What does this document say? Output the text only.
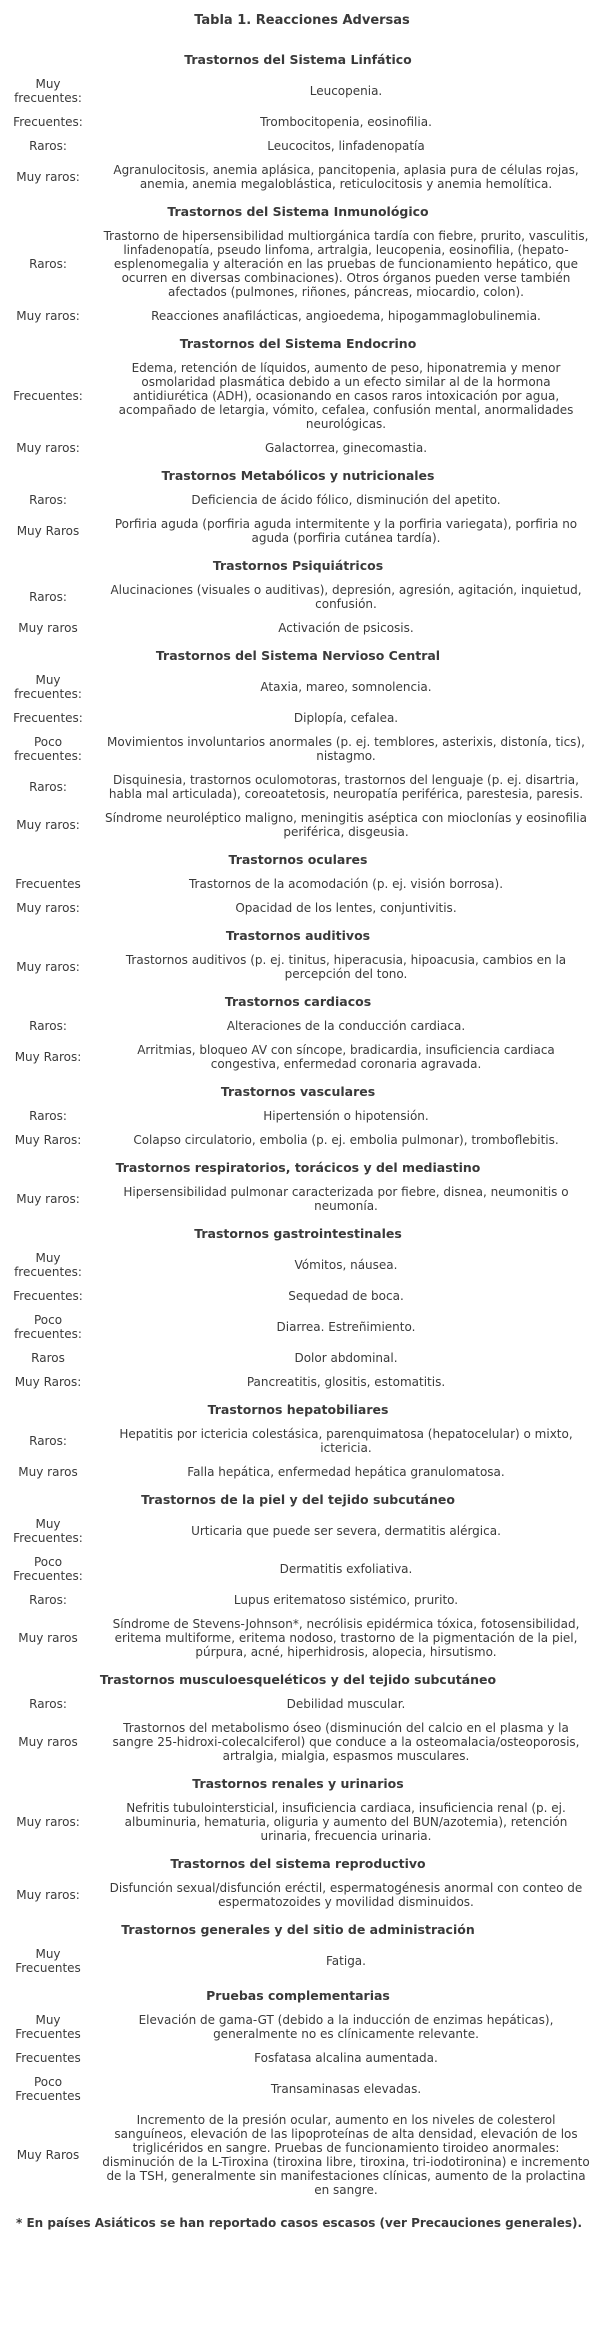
Tabla 1. Reacciones Adversas
Trastornos del Sistema Linfático	
Muy frecuentes:	Leucopenia.
Frecuentes:	Trombocitopenia, eosinofilia.
Raros:	Leucocitos, linfadenopatía
Muy raros:	Agranulocitosis, anemia aplásica, pancitopenia, aplasia pura de células rojas, anemia, anemia megaloblástica, reticulocitosis y anemia hemolítica.
Trastornos del Sistema Inmunológico	
Raros:	Trastorno de hipersensibilidad multiorgánica tardía con fiebre, prurito, vasculitis, linfadenopatía, pseudo linfoma, artralgia, leucopenia, eosinofilia, (hepato-esplenomegalia y alteración en las pruebas de funcionamiento hepático, que ocurren en diversas combinaciones). Otros órganos pueden verse también afectados (pulmones, riñones, páncreas, miocardio, colon).
Muy raros:	Reacciones anafilácticas, angioedema, hipogammaglobulinemia.
Trastornos del Sistema Endocrino	
Frecuentes:	Edema, retención de líquidos, aumento de peso, hiponatremia y menor osmolaridad plasmática debido a un efecto similar al de la hormona antidiurética (ADH), ocasionando en casos raros intoxicación por agua, acompañado de letargia, vómito, cefalea, confusión mental, anormalidades neurológicas.
Muy raros:	Galactorrea, ginecomastia.
Trastornos Metabólicos y nutricionales	
Raros:	Deficiencia de ácido fólico, disminución del apetito.
Muy Raros	Porfiria aguda (porfiria aguda intermitente y la porfiria variegata), porfiria no aguda (porfiria cutánea tardía).
Trastornos Psiquiátricos	
Raros:	Alucinaciones (visuales o auditivas), depresión, agresión, agitación, inquietud, confusión.
Muy raros	Activación de psicosis.
Trastornos del Sistema Nervioso Central	
Muy frecuentes:	Ataxia, mareo, somnolencia.
Frecuentes:	Diplopía, cefalea.
Poco frecuentes:	Movimientos involuntarios anormales (p. ej. temblores, asterixis, distonía, tics), nistagmo.
Raros:	Disquinesia, trastornos oculomotoras, trastornos del lenguaje (p. ej. disartria, habla mal articulada), coreoatetosis, neuropatía periférica, parestesia, paresis.
Muy raros:	Síndrome neuroléptico maligno, meningitis aséptica con mioclonías y eosinofilia periférica, disgeusia.
Trastornos oculares	
Frecuentes	Trastornos de la acomodación (p. ej. visión borrosa).
Muy raros:	Opacidad de los lentes, conjuntivitis.
Trastornos auditivos	
Muy raros:	Trastornos auditivos (p. ej. tinitus, hiperacusia, hipoacusia, cambios en la percepción del tono.
Trastornos cardiacos	
Raros:	Alteraciones de la conducción cardiaca.
Muy Raros:	Arritmias, bloqueo AV con síncope, bradicardia, insuficiencia cardiaca congestiva, enfermedad coronaria agravada.
Trastornos vasculares	
Raros:	Hipertensión o hipotensión.
Muy Raros:	Colapso circulatorio, embolia (p. ej. embolia pulmonar), tromboflebitis.
Trastornos respiratorios, torácicos y del mediastino	
Muy raros:	Hipersensibilidad pulmonar caracterizada por fiebre, disnea, neumonitis o neumonía.
Trastornos gastrointestinales	
Muy frecuentes:	Vómitos, náusea.
Frecuentes:	Sequedad de boca.
Poco frecuentes:	Diarrea. Estreñimiento.
Raros	Dolor abdominal.
Muy Raros:	Pancreatitis, glositis, estomatitis.
Trastornos hepatobiliares	
Raros:	Hepatitis por ictericia colestásica, parenquimatosa (hepatocelular) o mixto, ictericia.
Muy raros	Falla hepática, enfermedad hepática granulomatosa.
Trastornos de la piel y del tejido subcutáneo	
Muy Frecuentes:	Urticaria que puede ser severa, dermatitis alérgica.
Poco Frecuentes:	Dermatitis exfoliativa.
Raros:	Lupus eritematoso sistémico, prurito.
Muy raros	Síndrome de Stevens-Johnson*, necrólisis epidérmica tóxica, fotosensibilidad, eritema multiforme, eritema nodoso, trastorno de la pigmentación de la piel, púrpura, acné, hiperhidrosis, alopecia, hirsutismo.
Trastornos musculoesqueléticos y del tejido subcutáneo	
Raros:	Debilidad muscular.
Muy raros	Trastornos del metabolismo óseo (disminución del calcio en el plasma y la sangre 25-hidroxi-colecalciferol) que conduce a la osteomalacia/osteoporosis, artralgia, mialgia, espasmos musculares.
Trastornos renales y urinarios	
Muy raros:	Nefritis tubulointersticial, insuficiencia cardiaca, insuficiencia renal (p. ej. albuminuria, hematuria, oliguria y aumento del BUN/azotemia), retención urinaria, frecuencia urinaria.
Trastornos del sistema reproductivo	
Muy raros:	Disfunción sexual/disfunción eréctil, espermatogénesis anormal con conteo de espermatozoides y movilidad disminuidos.
Trastornos generales y del sitio de administración	
Muy Frecuentes	Fatiga.
Pruebas complementarias	
Muy Frecuentes	Elevación de gama-GT (debido a la inducción de enzimas hepáticas), generalmente no es clínicamente relevante.
Frecuentes	Fosfatasa alcalina aumentada.
Poco Frecuentes	Transaminasas elevadas.
Muy Raros	Incremento de la presión ocular, aumento en los niveles de colesterol sanguíneos, elevación de las lipoproteínas de alta densidad, elevación de los triglicéridos en sangre. Pruebas de funcionamiento tiroideo anormales: disminución de la L-Tiroxina (tiroxina libre, tiroxina, tri-iodotironina) e incremento de la TSH, generalmente sin manifestaciones clínicas, aumento de la prolactina en sangre.
* En países Asiáticos se han reportado casos escasos (ver Precauciones generales).
